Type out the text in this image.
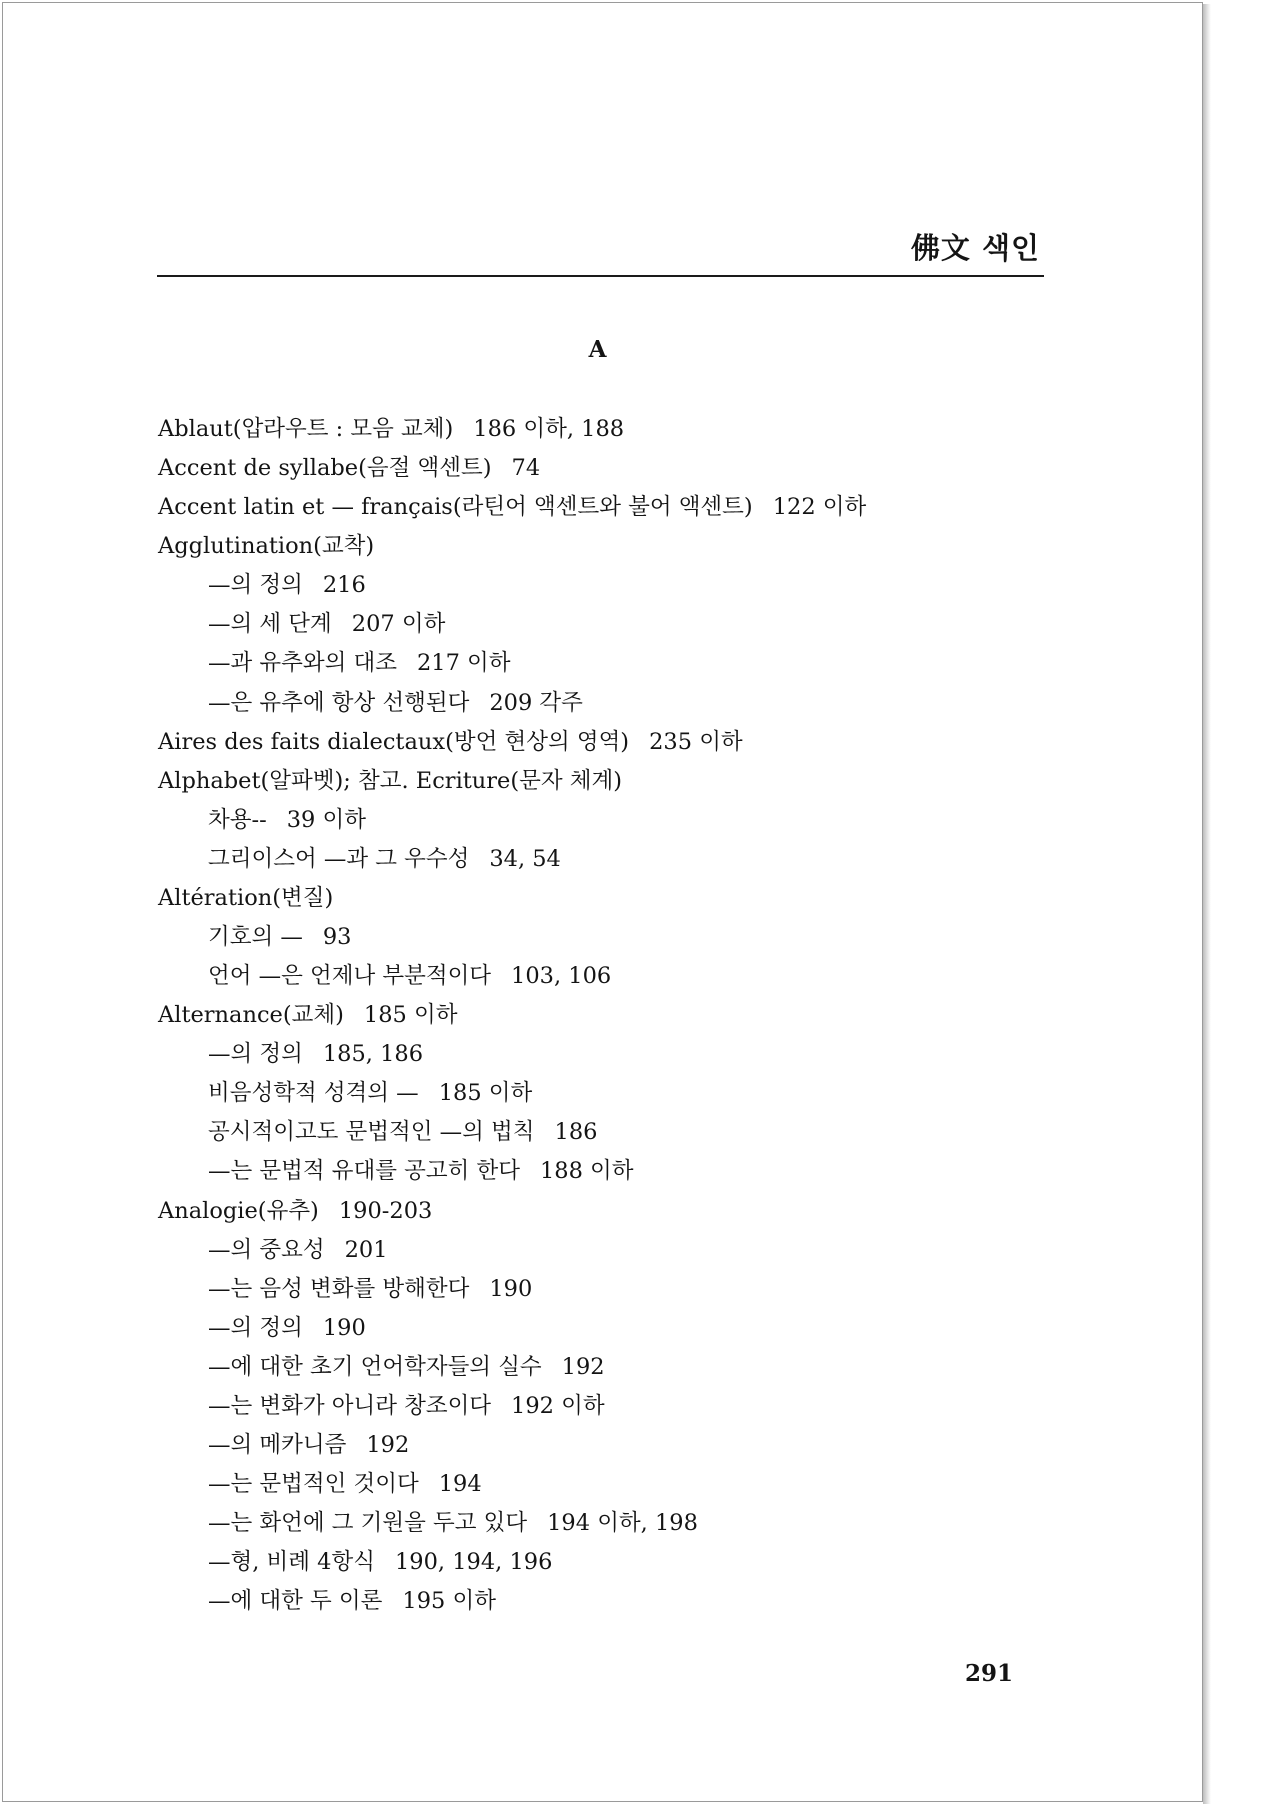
佛文 색인
A
Ablaut(압라우트 : 모음 교체) 186 이하, 188
Accent de syllabe(음절 액센트) 74
Accent latin et — français(라틴어 액센트와 불어 액센트) 122 이하
Agglutination(교착)
—의 정의 216
—의 세 단계 207 이하
—과 유추와의 대조 217 이하
—은 유추에 항상 선행된다 209 각주
Aires des faits dialectaux(방언 현상의 영역) 235 이하
Alphabet(알파벳); 참고. Ecriture(문자 체계)
차용-- 39 이하
그리이스어 —과 그 우수성 34, 54
Altération(변질)
기호의 — 93
언어 —은 언제나 부분적이다 103, 106
Alternance(교체) 185 이하
—의 정의 185, 186
비음성학적 성격의 — 185 이하
공시적이고도 문법적인 —의 법칙 186
—는 문법적 유대를 공고히 한다 188 이하
Analogie(유추) 190-203
—의 중요성 201
—는 음성 변화를 방해한다 190
—의 정의 190
—에 대한 초기 언어학자들의 실수 192
—는 변화가 아니라 창조이다 192 이하
—의 메카니즘 192
—는 문법적인 것이다 194
—는 화언에 그 기원을 두고 있다 194 이하, 198
—형, 비례 4항식 190, 194, 196
—에 대한 두 이론 195 이하
291
